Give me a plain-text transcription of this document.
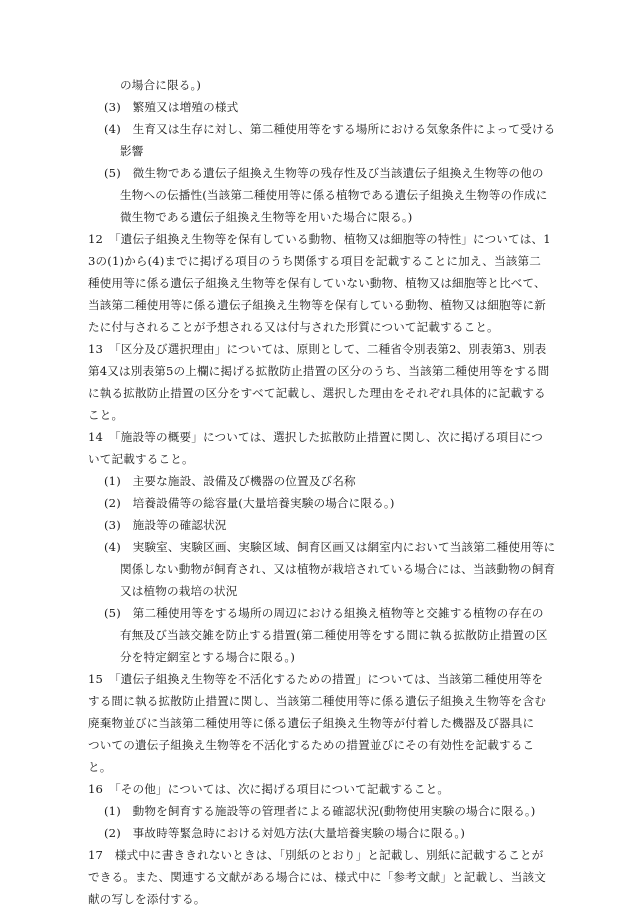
の場合に限る。)
(3)　繁殖又は増殖の様式
(4)　生育又は生存に対し、第二種使用等をする場所における気象条件によって受ける
影響
(5)　微生物である遺伝子組換え生物等の残存性及び当該遺伝子組換え生物等の他の
生物への伝播性(当該第二種使用等に係る植物である遺伝子組換え生物等の作成に
微生物である遺伝子組換え生物等を用いた場合に限る。)
12　「遺伝子組換え生物等を保有している動物、植物又は細胞等の特性」については、1
3の(1)から(4)までに掲げる項目のうち関係する項目を記載することに加え、当該第二
種使用等に係る遺伝子組換え生物等を保有していない動物、植物又は細胞等と比べて、
当該第二種使用等に係る遺伝子組換え生物等を保有している動物、植物又は細胞等に新
たに付与されることが予想される又は付与された形質について記載すること。
13　「区分及び選択理由」については、原則として、二種省令別表第2、別表第3、別表
第4又は別表第5の上欄に掲げる拡散防止措置の区分のうち、当該第二種使用等をする間
に執る拡散防止措置の区分をすべて記載し、選択した理由をそれぞれ具体的に記載する
こと。
14　「施設等の概要」については、選択した拡散防止措置に関し、次に掲げる項目につ
いて記載すること。
(1)　主要な施設、設備及び機器の位置及び名称
(2)　培養設備等の総容量(大量培養実験の場合に限る。)
(3)　施設等の確認状況
(4)　実験室、実験区画、実験区域、飼育区画又は網室内において当該第二種使用等に
関係しない動物が飼育され、又は植物が栽培されている場合には、当該動物の飼育
又は植物の栽培の状況
(5)　第二種使用等をする場所の周辺における組換え植物等と交雑する植物の存在の
有無及び当該交雑を防止する措置(第二種使用等をする間に執る拡散防止措置の区
分を特定網室とする場合に限る。)
15　「遺伝子組換え生物等を不活化するための措置」については、当該第二種使用等を
する間に執る拡散防止措置に関し、当該第二種使用等に係る遺伝子組換え生物等を含む
廃棄物並びに当該第二種使用等に係る遺伝子組換え生物等が付着した機器及び器具に
ついての遺伝子組換え生物等を不活化するための措置並びにその有効性を記載するこ
と。
16　「その他」については、次に掲げる項目について記載すること。
(1)　動物を飼育する施設等の管理者による確認状況(動物使用実験の場合に限る。)
(2)　事故時等緊急時における対処方法(大量培養実験の場合に限る。)
17　様式中に書ききれないときは、「別紙のとおり」と記載し、別紙に記載することが
できる。また、関連する文献がある場合には、様式中に「参考文献」と記載し、当該文
献の写しを添付する。
